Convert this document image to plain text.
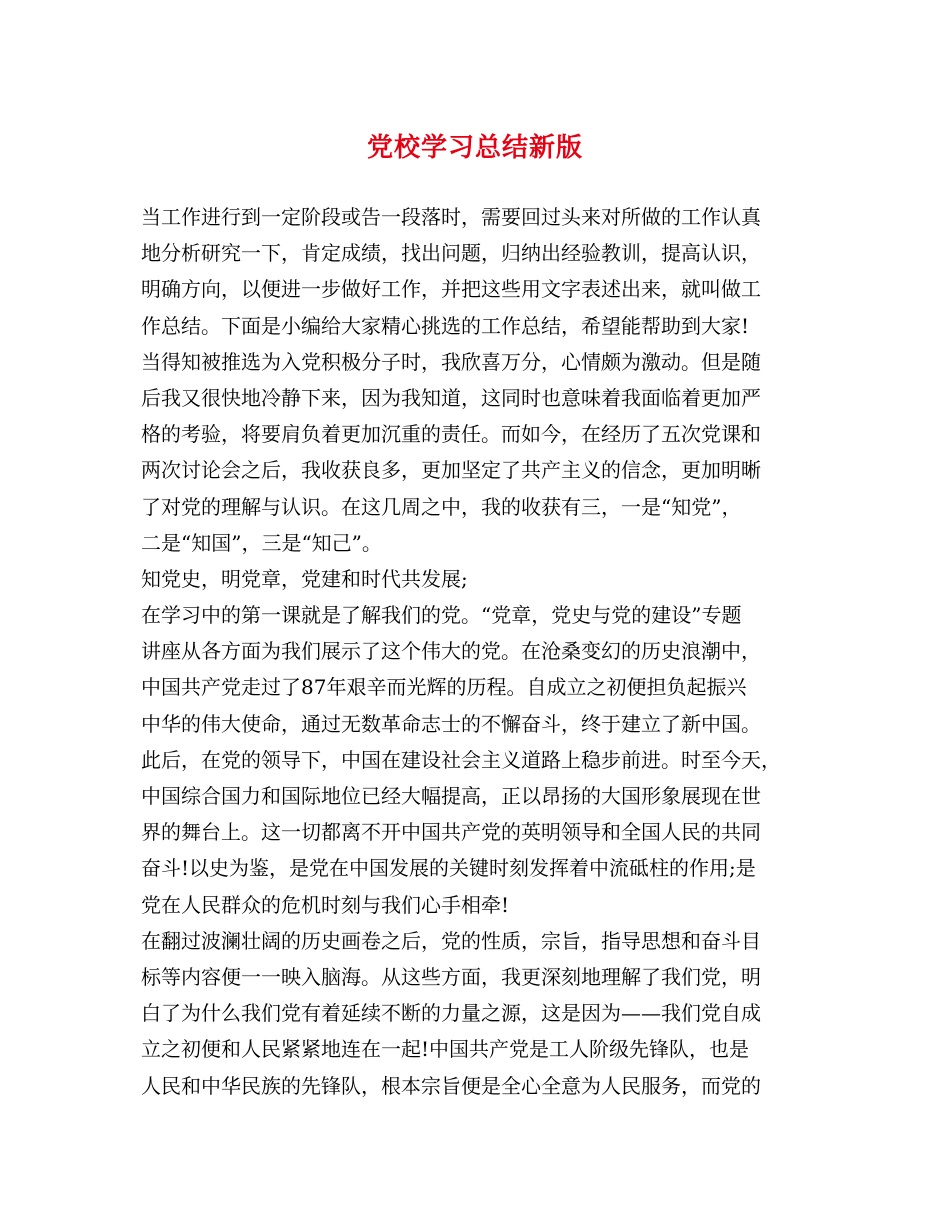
党校学习总结新版
当工作进行到一定阶段或告一段落时，需要回过头来对所做的工作认真
地分析研究一下，肯定成绩，找出问题，归纳出经验教训，提高认识，
明确方向，以便进一步做好工作，并把这些用文字表述出来，就叫做工
作总结。下面是小编给大家精心挑选的工作总结，希望能帮助到大家!
当得知被推选为入党积极分子时，我欣喜万分，心情颇为激动。但是随
后我又很快地冷静下来，因为我知道，这同时也意味着我面临着更加严
格的考验，将要肩负着更加沉重的责任。而如今，在经历了五次党课和
两次讨论会之后，我收获良多，更加坚定了共产主义的信念，更加明晰
了对党的理解与认识。在这几周之中，我的收获有三，一是“知党”，
二是“知国”，三是“知己”。
知党史，明党章，党建和时代共发展;
在学习中的第一课就是了解我们的党。“党章，党史与党的建设”专题
讲座从各方面为我们展示了这个伟大的党。在沧桑变幻的历史浪潮中，
中国共产党走过了87年艰辛而光辉的历程。自成立之初便担负起振兴
中华的伟大使命，通过无数革命志士的不懈奋斗，终于建立了新中国。
此后，在党的领导下，中国在建设社会主义道路上稳步前进。时至今天，
中国综合国力和国际地位已经大幅提高，正以昂扬的大国形象展现在世
界的舞台上。这一切都离不开中国共产党的英明领导和全国人民的共同
奋斗!以史为鉴，是党在中国发展的关键时刻发挥着中流砥柱的作用;是
党在人民群众的危机时刻与我们心手相牵!
在翻过波澜壮阔的历史画卷之后，党的性质，宗旨，指导思想和奋斗目
标等内容便一一映入脑海。从这些方面，我更深刻地理解了我们党，明
白了为什么我们党有着延续不断的力量之源，这是因为——我们党自成
立之初便和人民紧紧地连在一起!中国共产党是工人阶级先锋队，也是
人民和中华民族的先锋队，根本宗旨便是全心全意为人民服务，而党的
